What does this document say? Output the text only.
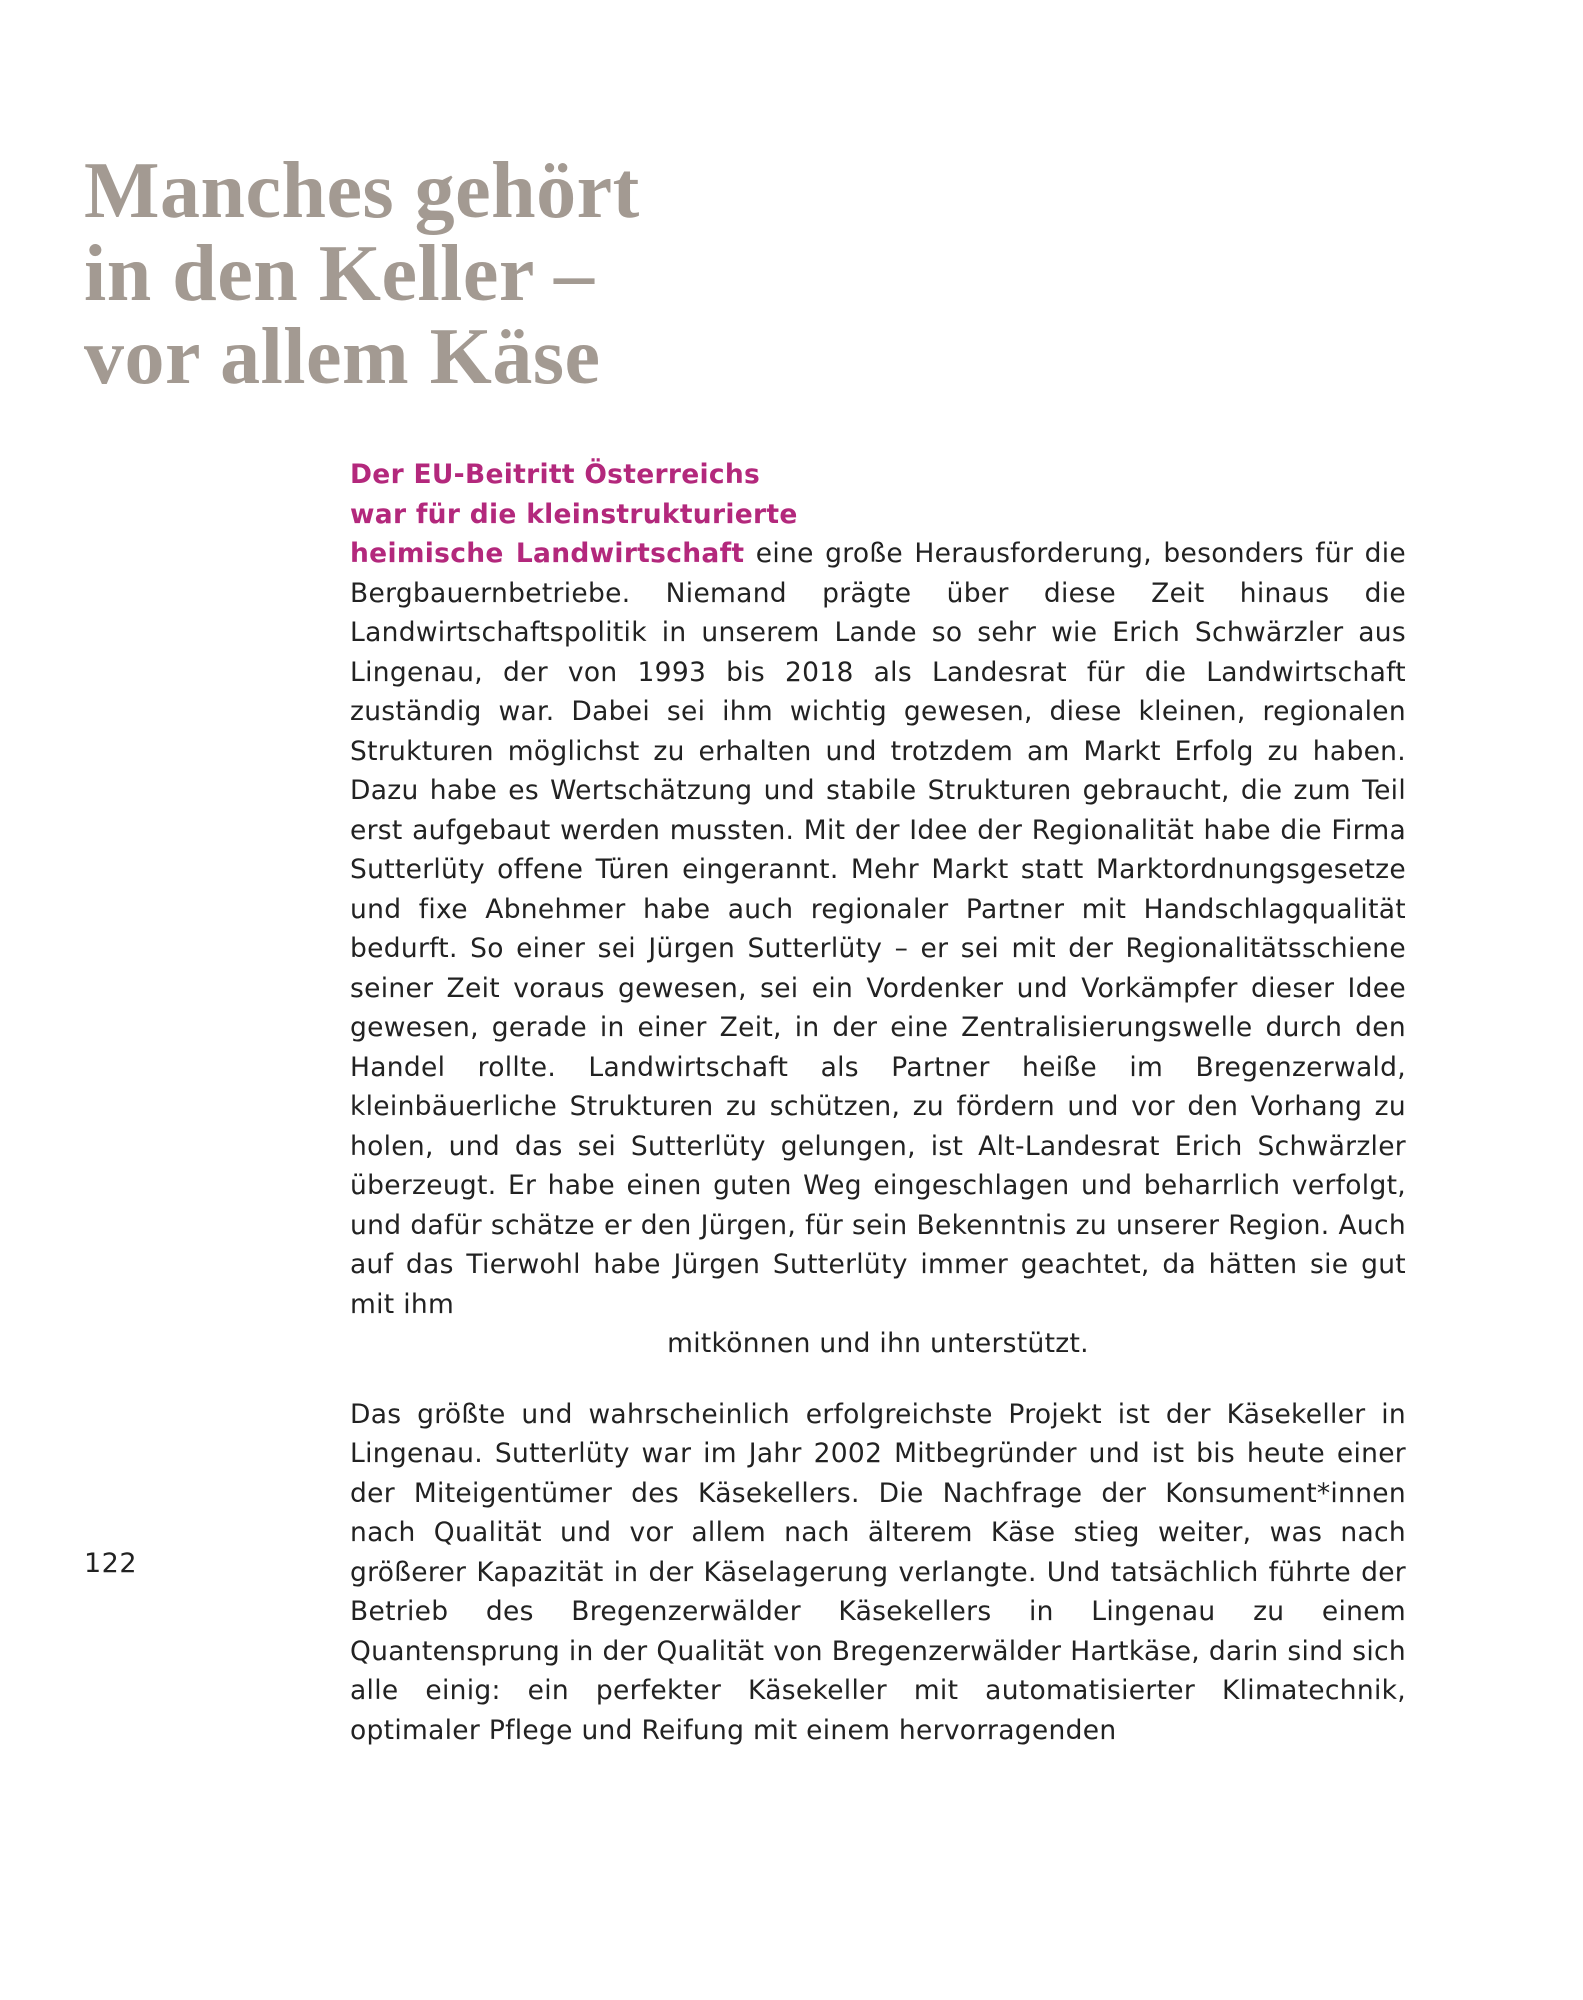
Manches gehört
in den Keller –
vor allem Käse

Der EU-Beitritt Österreichs
war für die kleinstrukturierte
heimische Landwirtschaft eine große Herausforderung, besonders für die Bergbauernbetriebe. Niemand prägte über diese Zeit hinaus die Landwirtschaftspolitik in unserem Lande so sehr wie Erich Schwärzler aus Lingenau, der von 1993 bis 2018 als Landesrat für die Landwirtschaft zuständig war. Dabei sei ihm wichtig gewesen, diese kleinen, regionalen Strukturen möglichst zu erhalten und trotzdem am Markt Erfolg zu haben. Dazu habe es Wertschätzung und stabile Strukturen gebraucht, die zum Teil erst aufgebaut werden mussten. Mit der Idee der Regionalität habe die Firma Sutterlüty offene Türen eingerannt. Mehr Markt statt Marktordnungsgesetze und fixe Abnehmer habe auch regionaler Partner mit Handschlagqualität bedurft. So einer sei Jürgen Sutterlüty – er sei mit der Regionalitätsschiene seiner Zeit voraus gewesen, sei ein Vordenker und Vorkämpfer dieser Idee gewesen, gerade in einer Zeit, in der eine Zentralisierungswelle durch den Handel rollte. Landwirtschaft als Partner heiße im Bregenzerwald, kleinbäuerliche Strukturen zu schützen, zu fördern und vor den Vorhang zu holen, und das sei Sutterlüty gelungen, ist Alt-Landesrat Erich Schwärzler überzeugt. Er habe einen guten Weg eingeschlagen und beharrlich verfolgt, und dafür schätze er den Jürgen, für sein Bekenntnis zu unserer Region. Auch auf das Tierwohl habe Jürgen Sutterlüty immer geachtet, da hätten sie gut mit ihm
mitkönnen und ihn unterstützt.

Das größte und wahrscheinlich erfolgreichste Projekt ist der Käsekeller in Lingenau. Sutterlüty war im Jahr 2002 Mitbegründer und ist bis heute einer der Miteigentümer des Käsekellers. Die Nachfrage der Konsument*innen nach Qualität und vor allem nach älterem Käse stieg weiter, was nach größerer Kapazität in der Käselagerung verlangte. Und tatsächlich führte der Betrieb des Bregenzerwälder Käsekellers in Lingenau zu einem Quantensprung in der Qualität von Bregenzerwälder Hartkäse, darin sind sich alle einig: ein perfekter Käsekeller mit automatisierter Klimatechnik, optimaler Pflege und Reifung mit einem hervorragenden

122
